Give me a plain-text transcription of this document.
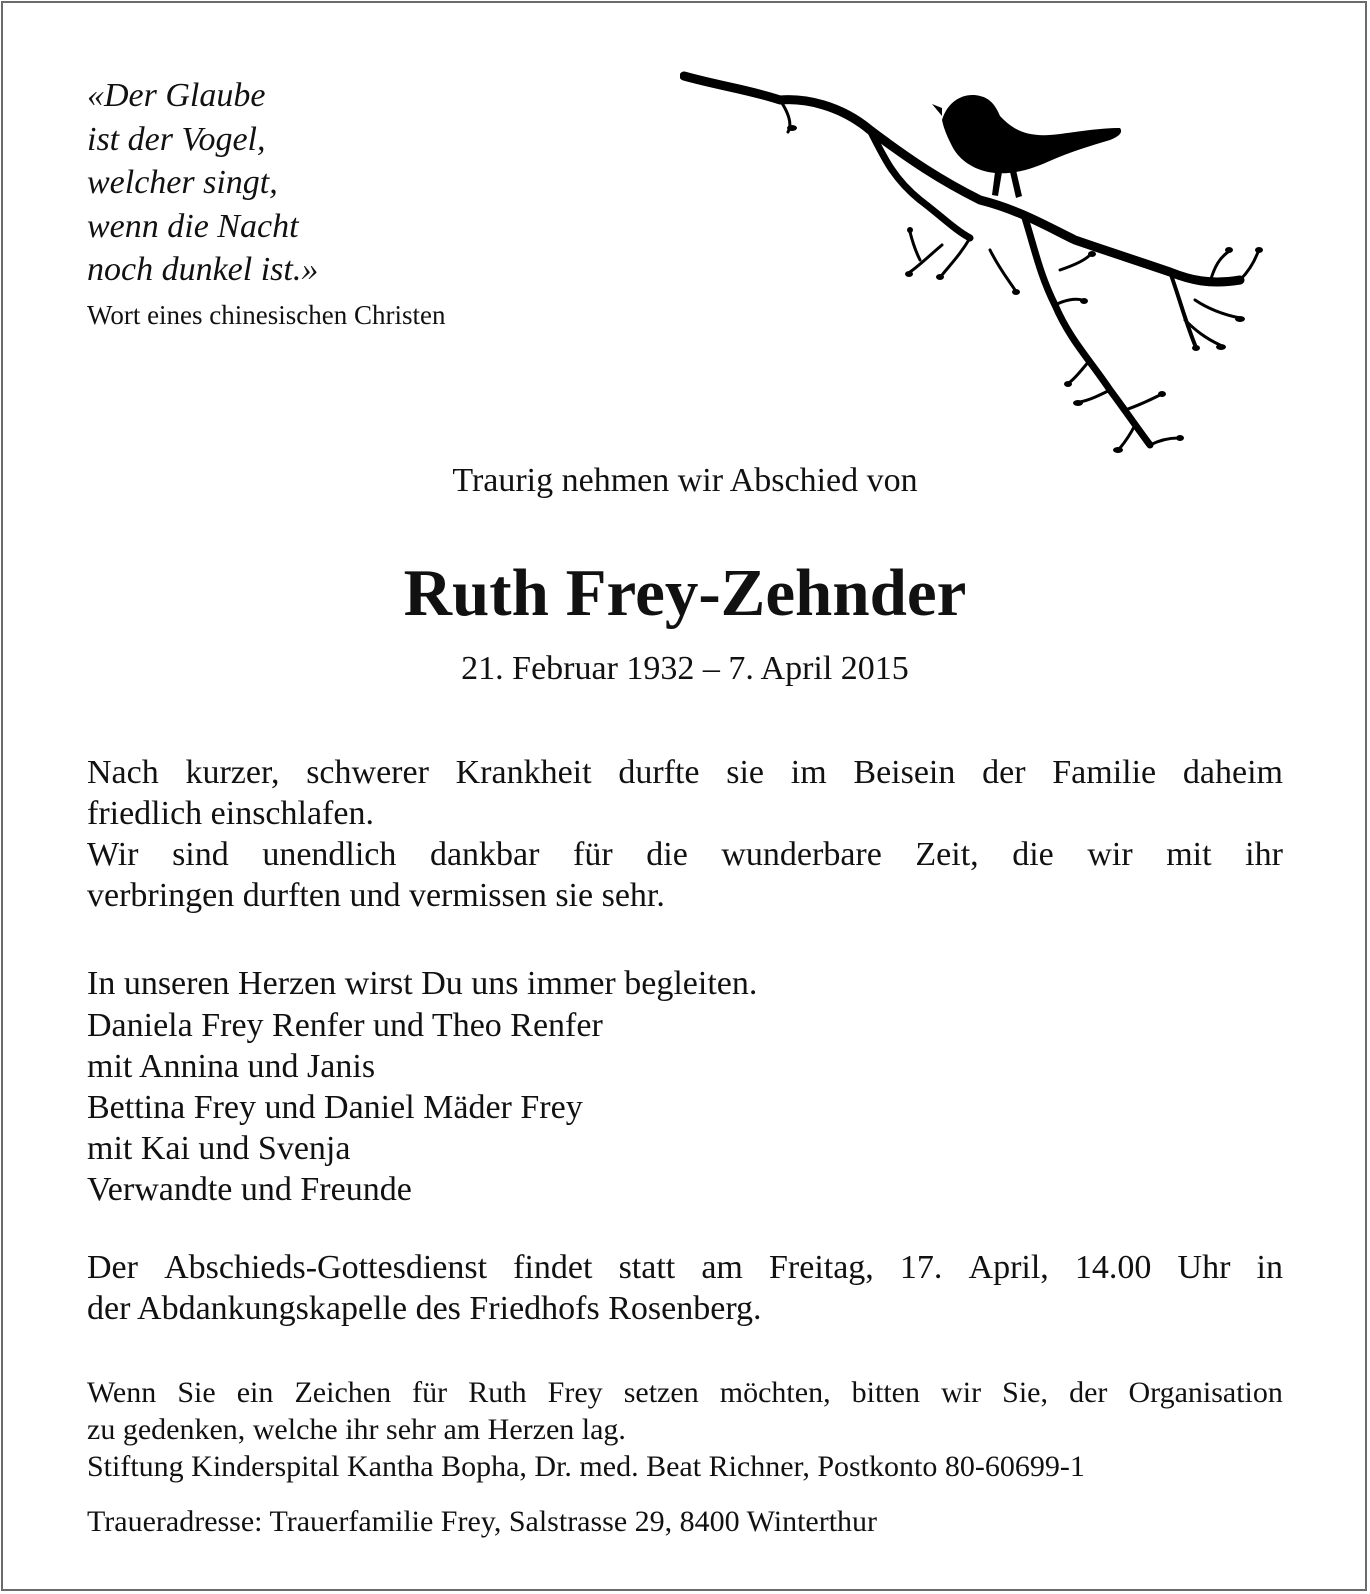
«Der Glaube
ist der Vogel,
welcher singt,
wenn die Nacht
noch dunkel ist.»
Wort eines chinesischen Christen
Traurig nehmen wir Abschied von
Ruth Frey-Zehnder
21. Februar 1932 – 7. April 2015
Nach kurzer, schwerer Krankheit durfte sie im Beisein der Familie daheim
friedlich einschlafen.
Wir sind unendlich dankbar für die wunderbare Zeit, die wir mit ihr
verbringen durften und vermissen sie sehr.
In unseren Herzen wirst Du uns immer begleiten.
Daniela Frey Renfer und Theo Renfer
mit Annina und Janis
Bettina Frey und Daniel Mäder Frey
mit Kai und Svenja
Verwandte und Freunde
Der Abschieds-Gottesdienst findet statt am Freitag, 17. April, 14.00 Uhr in
der Abdankungskapelle des Friedhofs Rosenberg.
Wenn Sie ein Zeichen für Ruth Frey setzen möchten, bitten wir Sie, der Organisation
zu gedenken, welche ihr sehr am Herzen lag.
Stiftung Kinderspital Kantha Bopha, Dr. med. Beat Richner, Postkonto 80-60699-1
Traueradresse: Trauerfamilie Frey, Salstrasse 29, 8400 Winterthur
